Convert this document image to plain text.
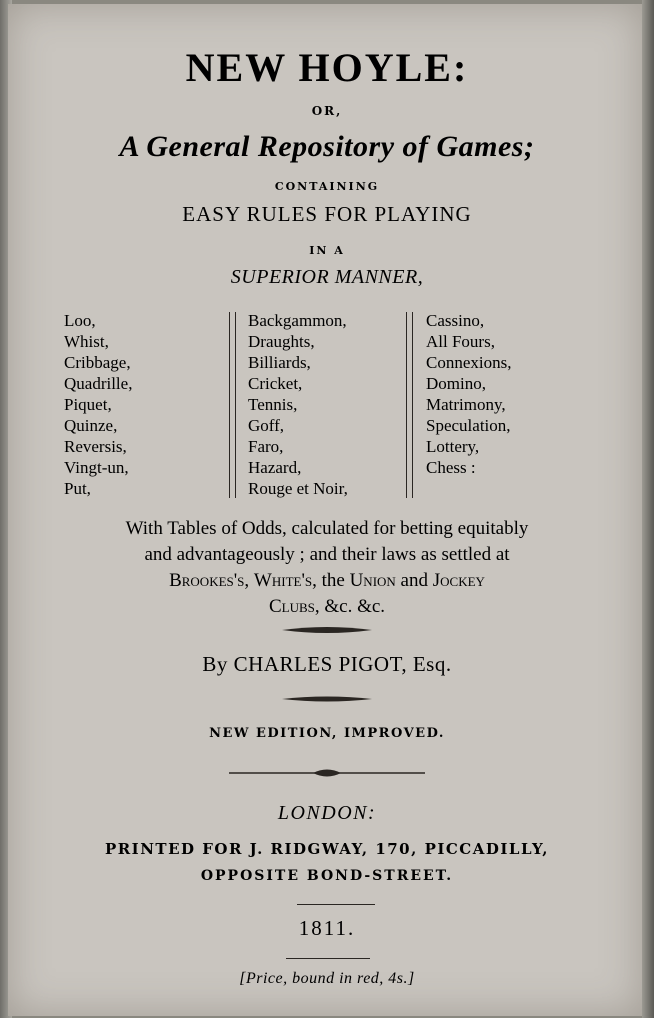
NEW HOYLE:
OR,
A General Repository of Games;
CONTAINING
EASY RULES FOR PLAYING
IN A
SUPERIOR MANNER,
Loo,
Whist,
Cribbage,
Quadrille,
Piquet,
Quinze,
Reversis,
Vingt-un,
Put,
Backgammon,
Draughts,
Billiards,
Cricket,
Tennis,
Goff,
Faro,
Hazard,
Rouge et Noir,
Cassino,
All Fours,
Connexions,
Domino,
Matrimony,
Speculation,
Lottery,
Chess :
With Tables of Odds, calculated for betting equitably
and advantageously ; and their laws as settled at
Brookes's, White's, the Union and Jockey
Clubs, &c. &c.
By CHARLES PIGOT, Esq.
NEW EDITION, IMPROVED.
LONDON:
PRINTED FOR J. RIDGWAY, 170, PICCADILLY,
OPPOSITE BOND-STREET.
1811.
[Price, bound in red, 4s.]
